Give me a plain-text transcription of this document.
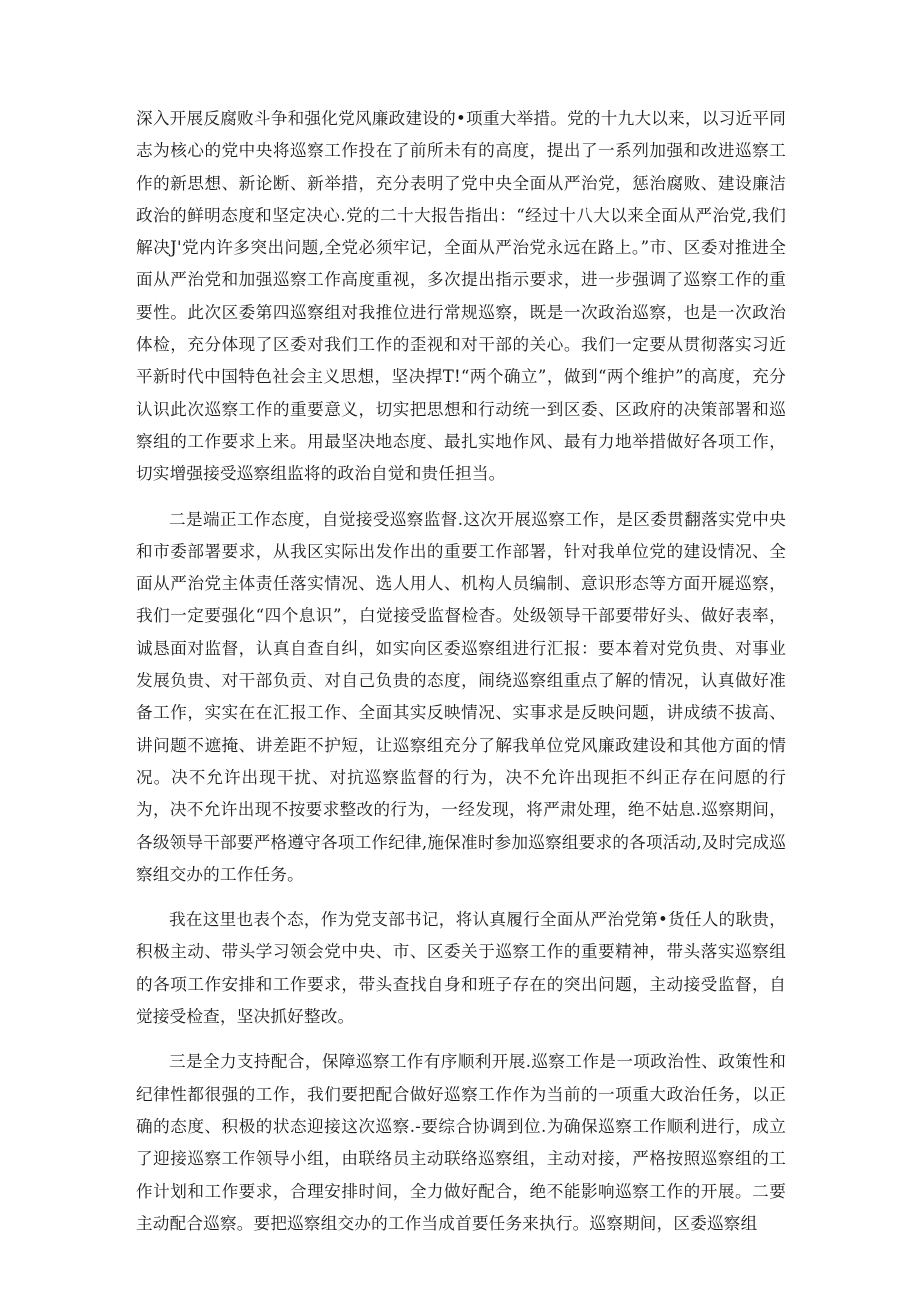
深入开展反腐败斗争和强化党风廉政建设的•项重大举措。党的十九大以来，以习近平同志为核心的党中央将巡察工作投在了前所未有的高度，提出了一系列加强和改进巡察工作的新思想、新论断、新举措，充分表明了党中央全面从严治党，惩治腐败、建设廉洁政治的鲜明态度和坚定决心.党的二十大报告指出：“经过十八大以来全面从严治党,我们解决J'党内许多突出问题,全党必须牢记，全面从严治党永远在路上。”市、区委对推进全面从严治党和加强巡察工作高度重视，多次提出指示要求，进一步强调了巡察工作的重要性。此次区委第四巡察组对我推位进行常规巡察，既是一次政治巡察，也是一次政治体检，充分体现了区委对我们工作的歪视和对干部的关心。我们一定要从贯彻落实习近平新时代中国特色社会主义思想，坚决捍T!“两个确立”，做到“两个维护”的高度，充分认识此次巡察工作的重要意义，切实把思想和行动统一到区委、区政府的决策部署和巡察组的工作要求上来。用最坚决地态度、最扎实地作风、最有力地举措做好各项工作，切实增强接受巡察组监将的政治自觉和贵任担当。

二是端正工作态度，自觉接受巡察监督.这次开展巡察工作，是区委贯翻落实党中央和市委部署要求，从我区实际出发作出的重要工作部署，针对我单位党的建设情况、全面从严治党主体责任落实情况、选人用人、机构人员编制、意识形态等方面开屣巡察，我们一定要强化“四个息识”，白觉接受监督检杳。处级领导干部要带好头、做好表率，诚恳面对监督，认真自查自纠，如实向区委巡察组进行汇报：要本着对党负贵、对事业发展负贵、对干部负贡、对自己负贵的态度，闹绕巡察组重点了解的情况，认真做好准备工作，实实在在汇报工作、全面其实反映情况、实事求是反映问题，讲成绩不拔高、讲问题不遮掩、讲差距不护短，让巡察组充分了解我单位党风廉政建设和其他方面的情况。决不允许出现干扰、对抗巡察监督的行为，决不允许出现拒不纠正存在问愿的行为，决不允许出现不按要求整改的行为，一经发现，将严肃处理，绝不姑息.巡察期间，各级领导干部要严格遵守各项工作纪律,施保准时参加巡察组要求的各项活动,及时完成巡察组交办的工作任务。

我在这里也表个态，作为党支部书记，将认真履行全面从严治党第•货任人的耿贵，积极主动、带头学习领会党中央、市、区委关于巡察工作的重要精神，带头落实巡察组的各项工作安排和工作要求，带头查找自身和班子存在的突出问题，主动接受监督，自觉接受检查，坚决抓好整改。

三是全力支持配合，保障巡察工作有序顺利开展.巡察工作是一项政治性、政策性和纪律性都很强的工作，我们要把配合做好巡察工作作为当前的一项重大政治任务，以正确的态度、积极的状态迎接这次巡察.-要综合协调到位.为确保巡察工作顺利进行，成立了迎接巡察工作领导小组，由联络员主动联络巡察组，主动对接，严格按照巡察组的工作计划和工作要求，合理安排时间，全力做好配合，绝不能影响巡察工作的开展。二要主动配合巡察。要把巡察组交办的工作当成首要任务来执行。巡察期间，区委巡察组
